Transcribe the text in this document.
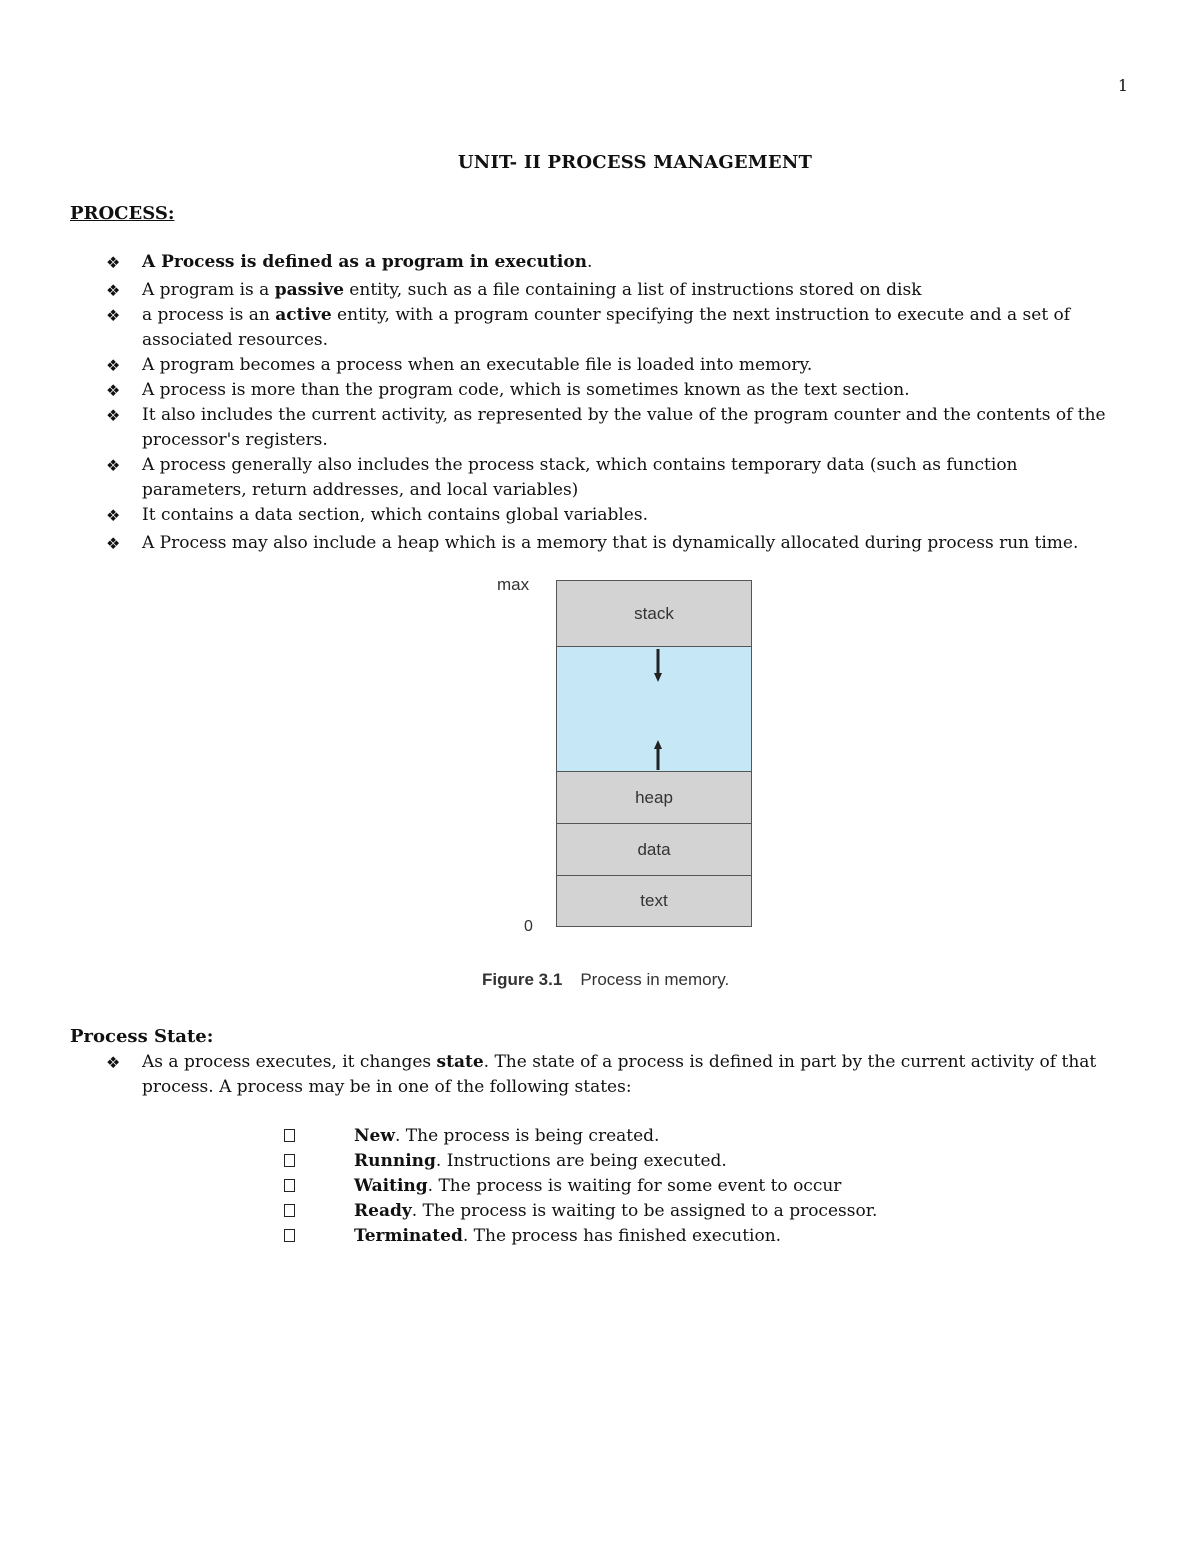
1
UNIT- II PROCESS MANAGEMENT
PROCESS:
❖ A Process is defined as a program in execution.
❖ A program is a passive entity, such as a file containing a list of instructions stored on disk
❖ a process is an active entity, with a program counter specifying the next instruction to execute and a set of associated resources.
❖ A program becomes a process when an executable file is loaded into memory.
❖ A process is more than the program code, which is sometimes known as the text section.
❖ It also includes the current activity, as represented by the value of the program counter and the contents of the processor's registers.
❖ A process generally also includes the process stack, which contains temporary data (such as function parameters, return addresses, and local variables)
❖ It contains a data section, which contains global variables.
❖ A Process may also include a heap which is a memory that is dynamically allocated during process run time.
max
0
stack
heap
data
text
Figure 3.1 Process in memory.
Process State:
❖ As a process executes, it changes state. The state of a process is defined in part by the current activity of that process. A process may be in one of the following states:
New. The process is being created.
Running. Instructions are being executed.
Waiting. The process is waiting for some event to occur
Ready. The process is waiting to be assigned to a processor.
Terminated. The process has finished execution.
